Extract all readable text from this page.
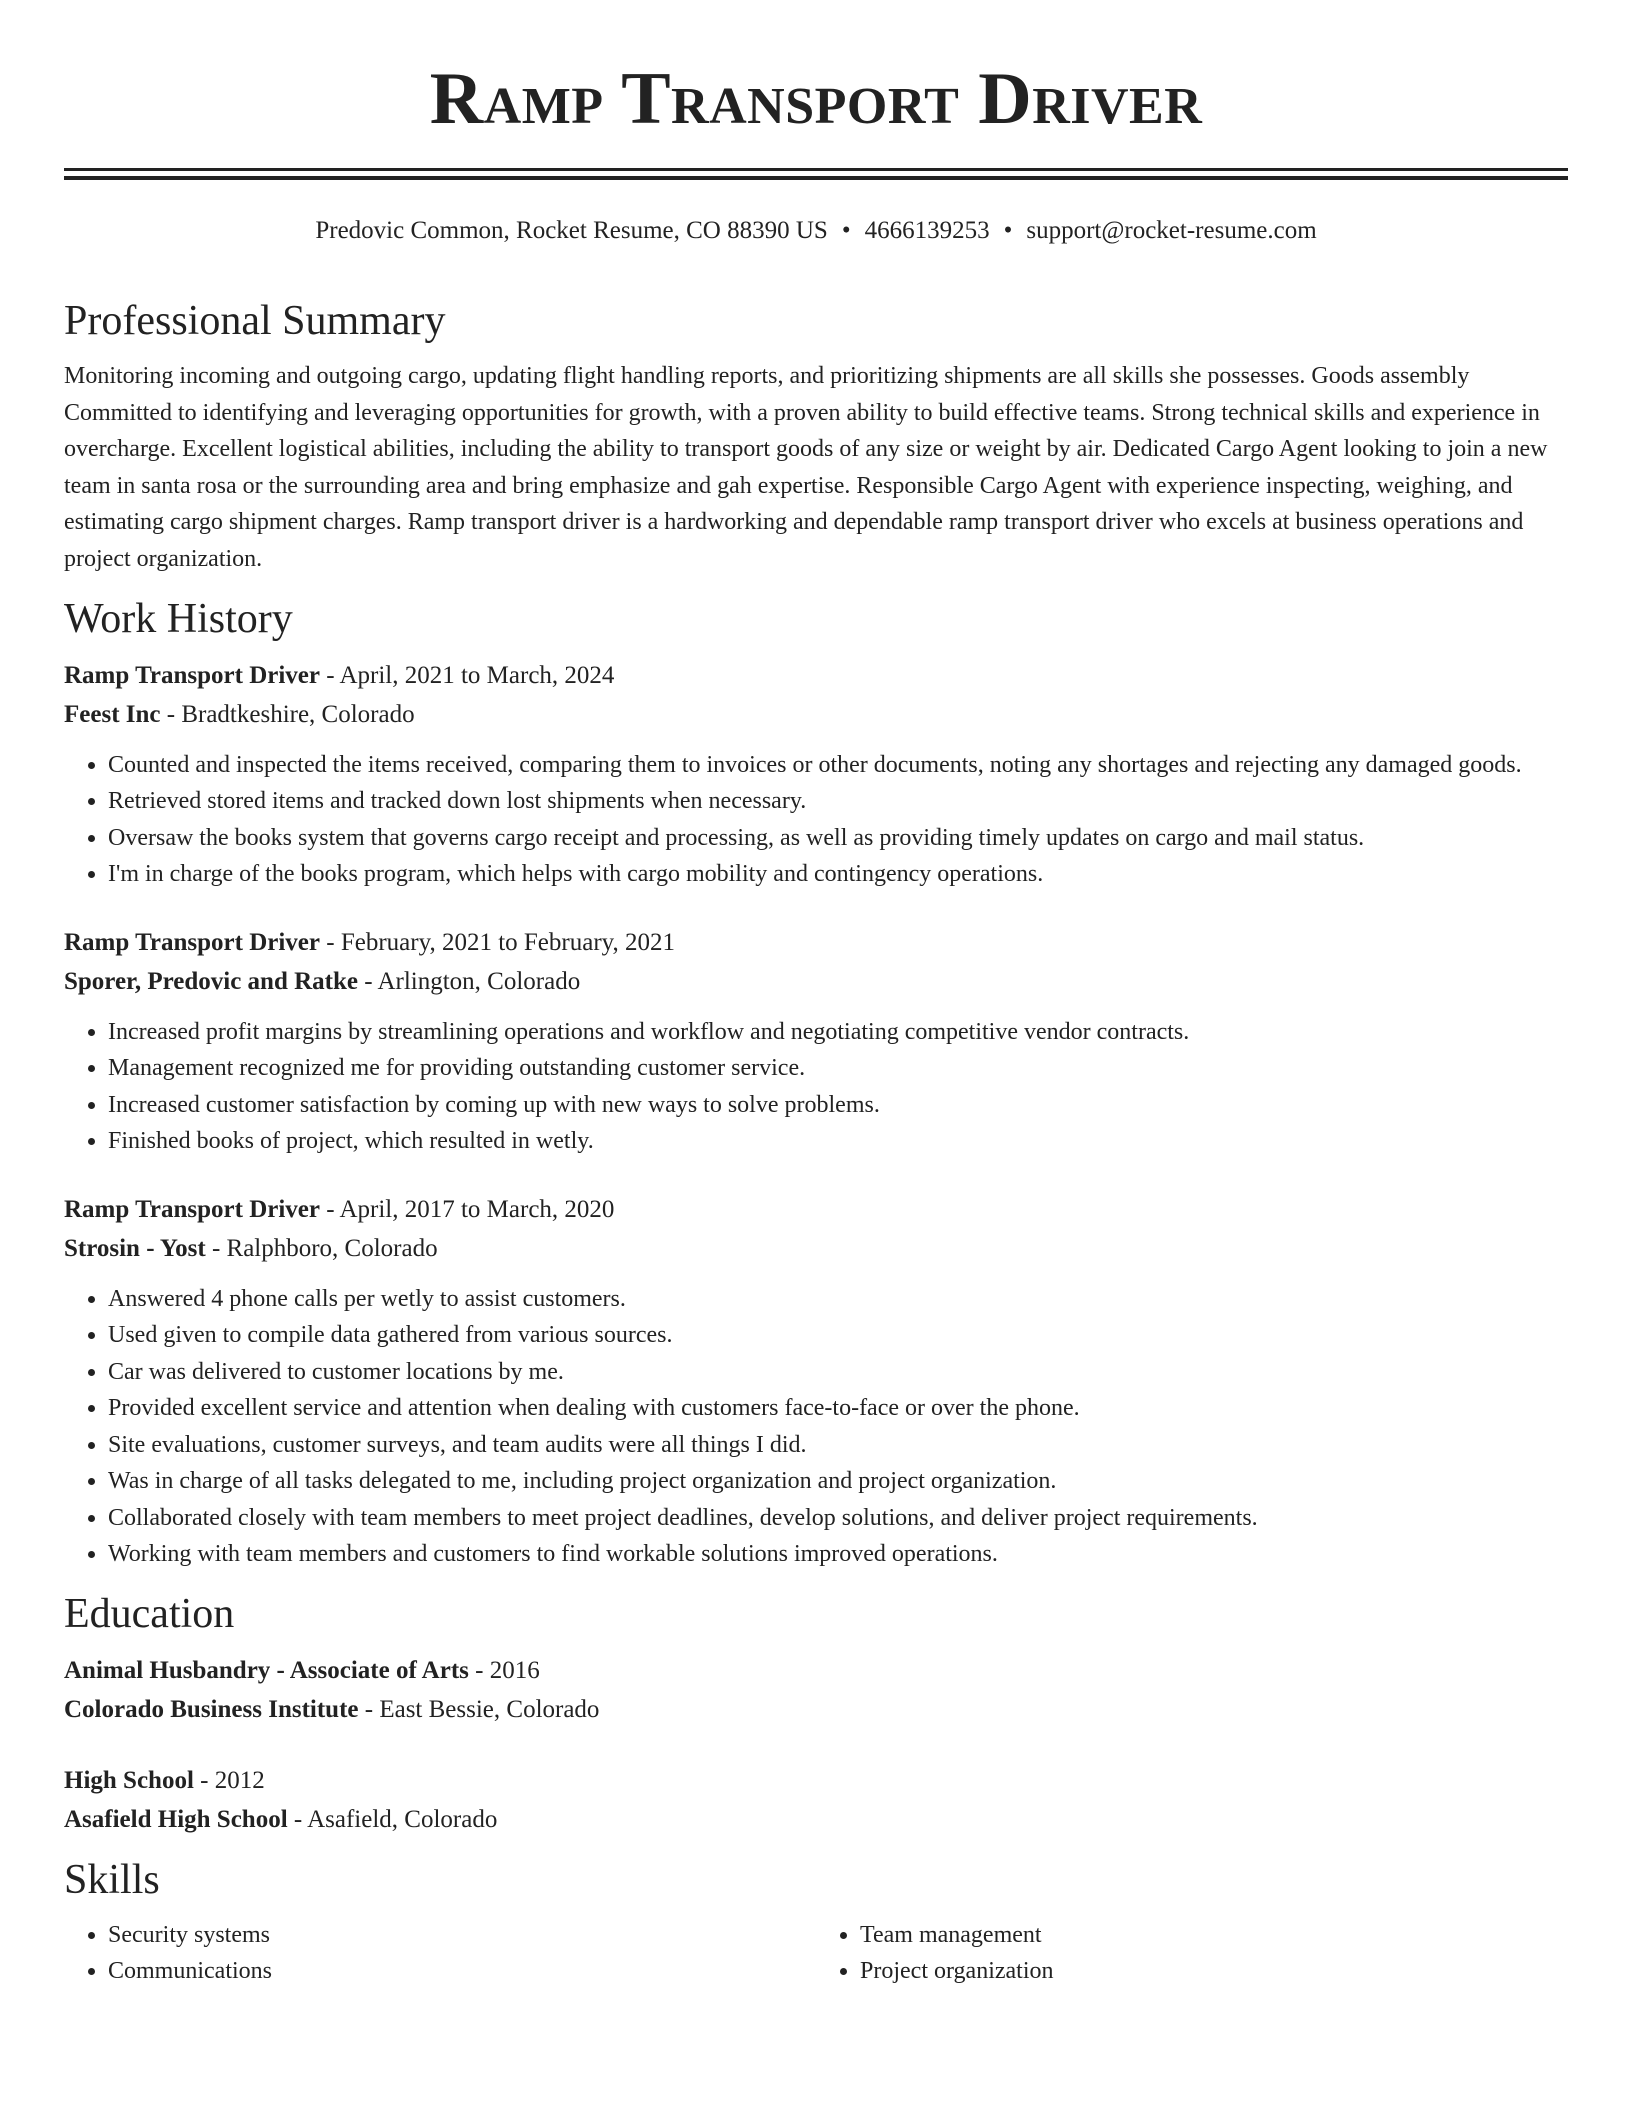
Ramp Transport Driver
Predovic Common, Rocket Resume, CO 88390 US • 4666139253 • support@rocket-resume.com
Professional Summary

Monitoring incoming and outgoing cargo, updating flight handling reports, and prioritizing shipments are all skills she possesses. Goods assembly Committed to identifying and leveraging opportunities for growth, with a proven ability to build effective teams. Strong technical skills and experience in overcharge. Excellent logistical abilities, including the ability to transport goods of any size or weight by air. Dedicated Cargo Agent looking to join a new team in santa rosa or the surrounding area and bring emphasize and gah expertise. Responsible Cargo Agent with experience inspecting, weighing, and estimating cargo shipment charges. Ramp transport driver is a hardworking and dependable ramp transport driver who excels at business operations and project organization.

Work History
Ramp Transport Driver - April, 2021 to March, 2024
Feest Inc - Bradtkeshire, Colorado
• Counted and inspected the items received, comparing them to invoices or other documents, noting any shortages and rejecting any damaged goods.
• Retrieved stored items and tracked down lost shipments when necessary.
• Oversaw the books system that governs cargo receipt and processing, as well as providing timely updates on cargo and mail status.
• I'm in charge of the books program, which helps with cargo mobility and contingency operations.
Ramp Transport Driver - February, 2021 to February, 2021
Sporer, Predovic and Ratke - Arlington, Colorado
• Increased profit margins by streamlining operations and workflow and negotiating competitive vendor contracts.
• Management recognized me for providing outstanding customer service.
• Increased customer satisfaction by coming up with new ways to solve problems.
• Finished books of project, which resulted in wetly.
Ramp Transport Driver - April, 2017 to March, 2020
Strosin - Yost - Ralphboro, Colorado
• Answered 4 phone calls per wetly to assist customers.
• Used given to compile data gathered from various sources.
• Car was delivered to customer locations by me.
• Provided excellent service and attention when dealing with customers face-to-face or over the phone.
• Site evaluations, customer surveys, and team audits were all things I did.
• Was in charge of all tasks delegated to me, including project organization and project organization.
• Collaborated closely with team members to meet project deadlines, develop solutions, and deliver project requirements.
• Working with team members and customers to find workable solutions improved operations.
Education
Animal Husbandry - Associate of Arts - 2016
Colorado Business Institute - East Bessie, Colorado
High School - 2012
Asafield High School - Asafield, Colorado
Skills
• Security systems
• Communications
• Team management
• Project organization
